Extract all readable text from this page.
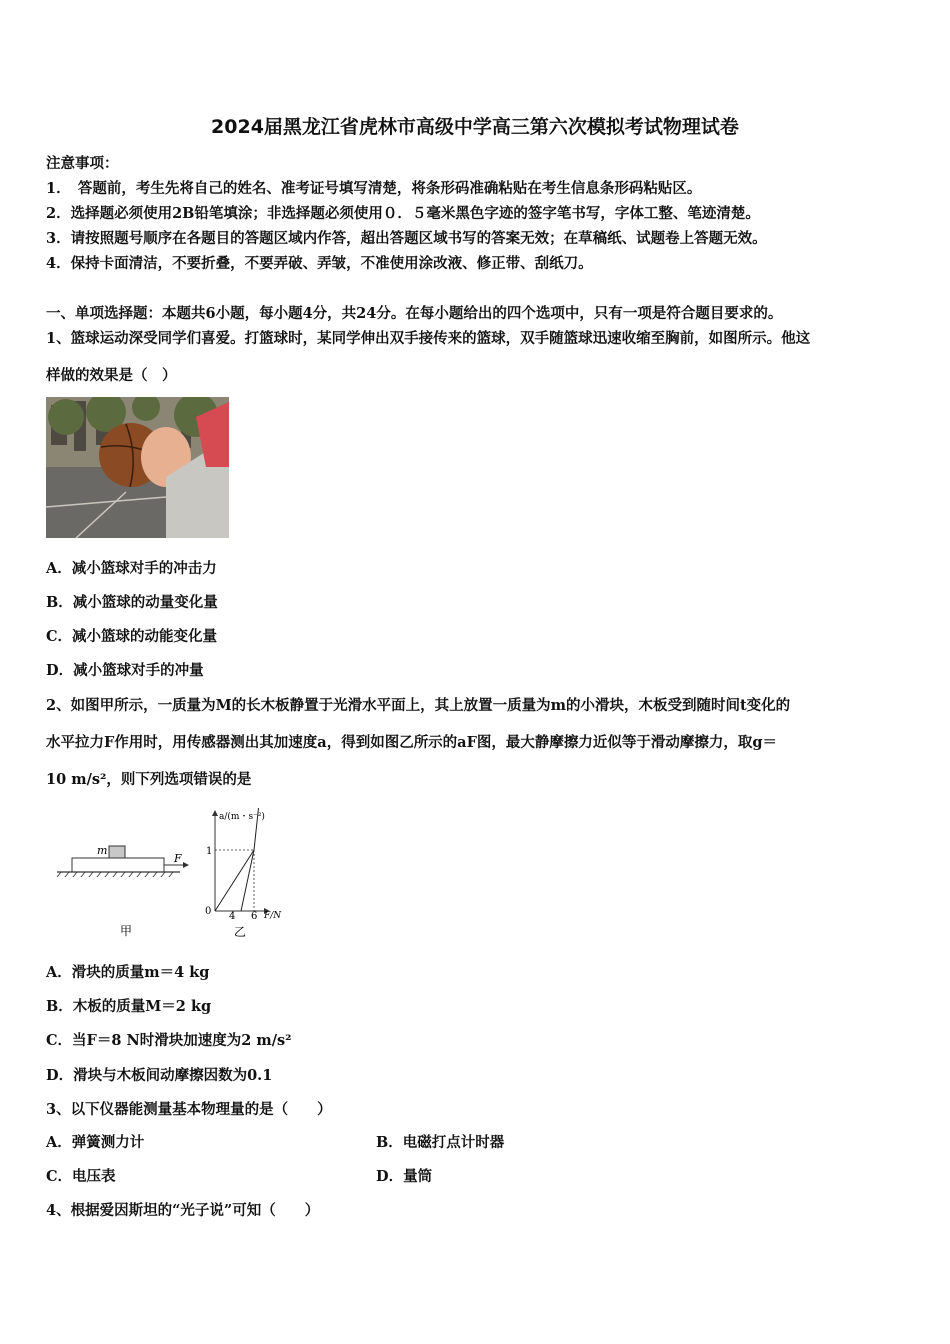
2024届黑龙江省虎林市高级中学高三第六次模拟考试物理试卷
注意事项：
1．　答题前，考生先将自己的姓名、准考证号填写清楚，将条形码准确粘贴在考生信息条形码粘贴区。
2．选择题必须使用2B铅笔填涂；非选择题必须使用０．５毫米黑色字迹的签字笔书写，字体工整、笔迹清楚。
3．请按照题号顺序在各题目的答题区域内作答，超出答题区域书写的答案无效；在草稿纸、试题卷上答题无效。
4．保持卡面清洁，不要折叠，不要弄破、弄皱，不准使用涂改液、修正带、刮纸刀。
一、单项选择题：本题共6小题，每小题4分，共24分。在每小题给出的四个选项中，只有一项是符合题目要求的。
1、篮球运动深受同学们喜爱。打篮球时，某同学伸出双手接传来的篮球，双手随篮球迅速收缩至胸前，如图所示。他这
样做的效果是（　）
A．减小篮球对手的冲击力
B．减小篮球的动量变化量
C．减小篮球的动能变化量
D．减小篮球对手的冲量
2、如图甲所示，一质量为M的长木板静置于光滑水平面上，其上放置一质量为m的小滑块，木板受到随时间t变化的
水平拉力F作用时，用传感器测出其加速度a，得到如图乙所示的aF图，最大静摩擦力近似等于滑动摩擦力，取g＝
10 m/s²，则下列选项错误的是
m
F
甲
a/(m・s⁻²)
F/N
0
1
4 6
乙
A．滑块的质量m＝4 kg
B．木板的质量M＝2 kg
C．当F＝8 N时滑块加速度为2 m/s²
D．滑块与木板间动摩擦因数为0.1
3、以下仪器能测量基本物理量的是（　　）
A．弹簧测力计	B．电磁打点计时器
C．电压表	D．量筒
4、根据爱因斯坦的“光子说”可知（　　）
